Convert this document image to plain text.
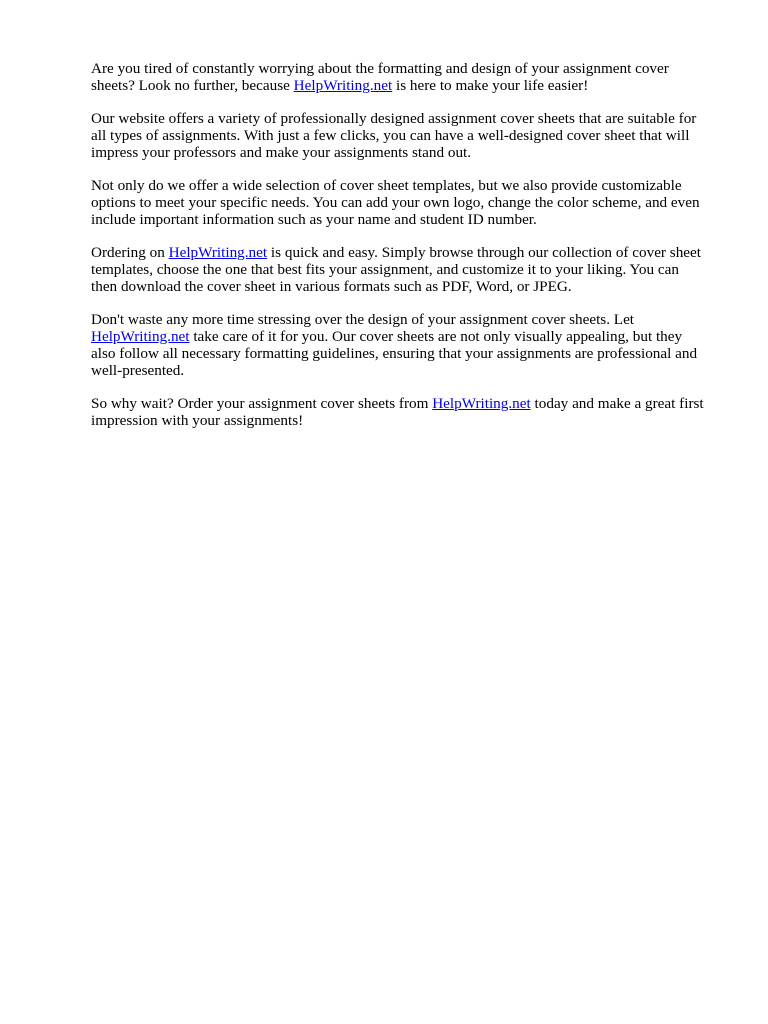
Are you tired of constantly worrying about the formatting and design of your assignment cover
sheets? Look no further, because HelpWriting.net is here to make your life easier!

Our website offers a variety of professionally designed assignment cover sheets that are suitable for
all types of assignments. With just a few clicks, you can have a well-designed cover sheet that will
impress your professors and make your assignments stand out.

Not only do we offer a wide selection of cover sheet templates, but we also provide customizable
options to meet your specific needs. You can add your own logo, change the color scheme, and even
include important information such as your name and student ID number.

Ordering on HelpWriting.net is quick and easy. Simply browse through our collection of cover sheet
templates, choose the one that best fits your assignment, and customize it to your liking. You can
then download the cover sheet in various formats such as PDF, Word, or JPEG.

Don't waste any more time stressing over the design of your assignment cover sheets. Let
HelpWriting.net take care of it for you. Our cover sheets are not only visually appealing, but they
also follow all necessary formatting guidelines, ensuring that your assignments are professional and
well-presented.

So why wait? Order your assignment cover sheets from HelpWriting.net today and make a great first
impression with your assignments!
